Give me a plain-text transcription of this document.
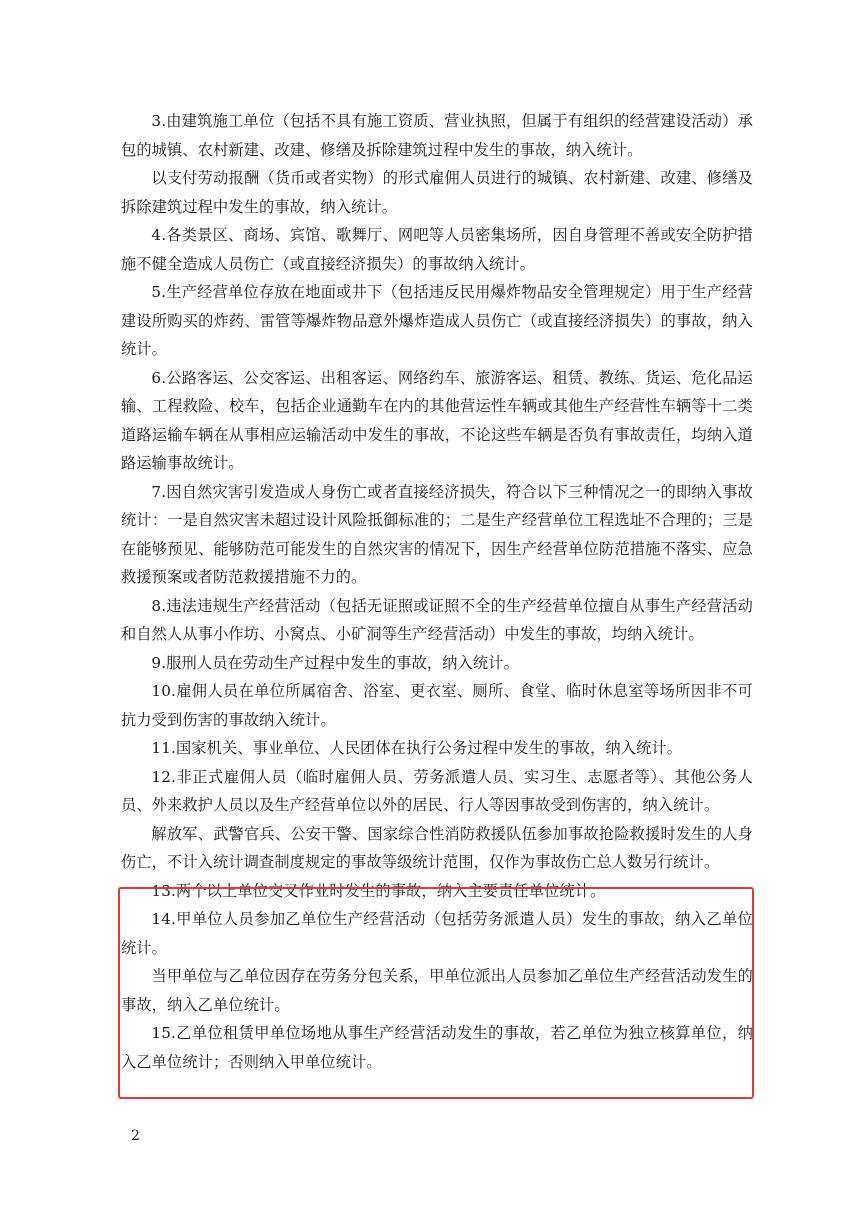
3.由建筑施工单位（包括不具有施工资质、营业执照，但属于有组织的经营建设活动）承包的城镇、农村新建、改建、修缮及拆除建筑过程中发生的事故，纳入统计。

以支付劳动报酬（货币或者实物）的形式雇佣人员进行的城镇、农村新建、改建、修缮及拆除建筑过程中发生的事故，纳入统计。

4.各类景区、商场、宾馆、歌舞厅、网吧等人员密集场所，因自身管理不善或安全防护措施不健全造成人员伤亡（或直接经济损失）的事故纳入统计。

5.生产经营单位存放在地面或井下（包括违反民用爆炸物品安全管理规定）用于生产经营建设所购买的炸药、雷管等爆炸物品意外爆炸造成人员伤亡（或直接经济损失）的事故，纳入统计。

6.公路客运、公交客运、出租客运、网络约车、旅游客运、租赁、教练、货运、危化品运输、工程救险、校车，包括企业通勤车在内的其他营运性车辆或其他生产经营性车辆等十二类道路运输车辆在从事相应运输活动中发生的事故，不论这些车辆是否负有事故责任，均纳入道路运输事故统计。

7.因自然灾害引发造成人身伤亡或者直接经济损失，符合以下三种情况之一的即纳入事故统计：一是自然灾害未超过设计风险抵御标准的；二是生产经营单位工程选址不合理的；三是在能够预见、能够防范可能发生的自然灾害的情况下，因生产经营单位防范措施不落实、应急救援预案或者防范救援措施不力的。

8.违法违规生产经营活动（包括无证照或证照不全的生产经营单位擅自从事生产经营活动和自然人从事小作坊、小窝点、小矿洞等生产经营活动）中发生的事故，均纳入统计。

9.服刑人员在劳动生产过程中发生的事故，纳入统计。

10.雇佣人员在单位所属宿舍、浴室、更衣室、厕所、食堂、临时休息室等场所因非不可抗力受到伤害的事故纳入统计。

11.国家机关、事业单位、人民团体在执行公务过程中发生的事故，纳入统计。

12.非正式雇佣人员（临时雇佣人员、劳务派遣人员、实习生、志愿者等）、其他公务人员、外来救护人员以及生产经营单位以外的居民、行人等因事故受到伤害的，纳入统计。

解放军、武警官兵、公安干警、国家综合性消防救援队伍参加事故抢险救援时发生的人身伤亡，不计入统计调查制度规定的事故等级统计范围，仅作为事故伤亡总人数另行统计。

13.两个以上单位交叉作业时发生的事故，纳入主要责任单位统计。

14.甲单位人员参加乙单位生产经营活动（包括劳务派遣人员）发生的事故，纳入乙单位统计。

当甲单位与乙单位因存在劳务分包关系，甲单位派出人员参加乙单位生产经营活动发生的事故，纳入乙单位统计。

15.乙单位租赁甲单位场地从事生产经营活动发生的事故，若乙单位为独立核算单位，纳入乙单位统计；否则纳入甲单位统计。

2
